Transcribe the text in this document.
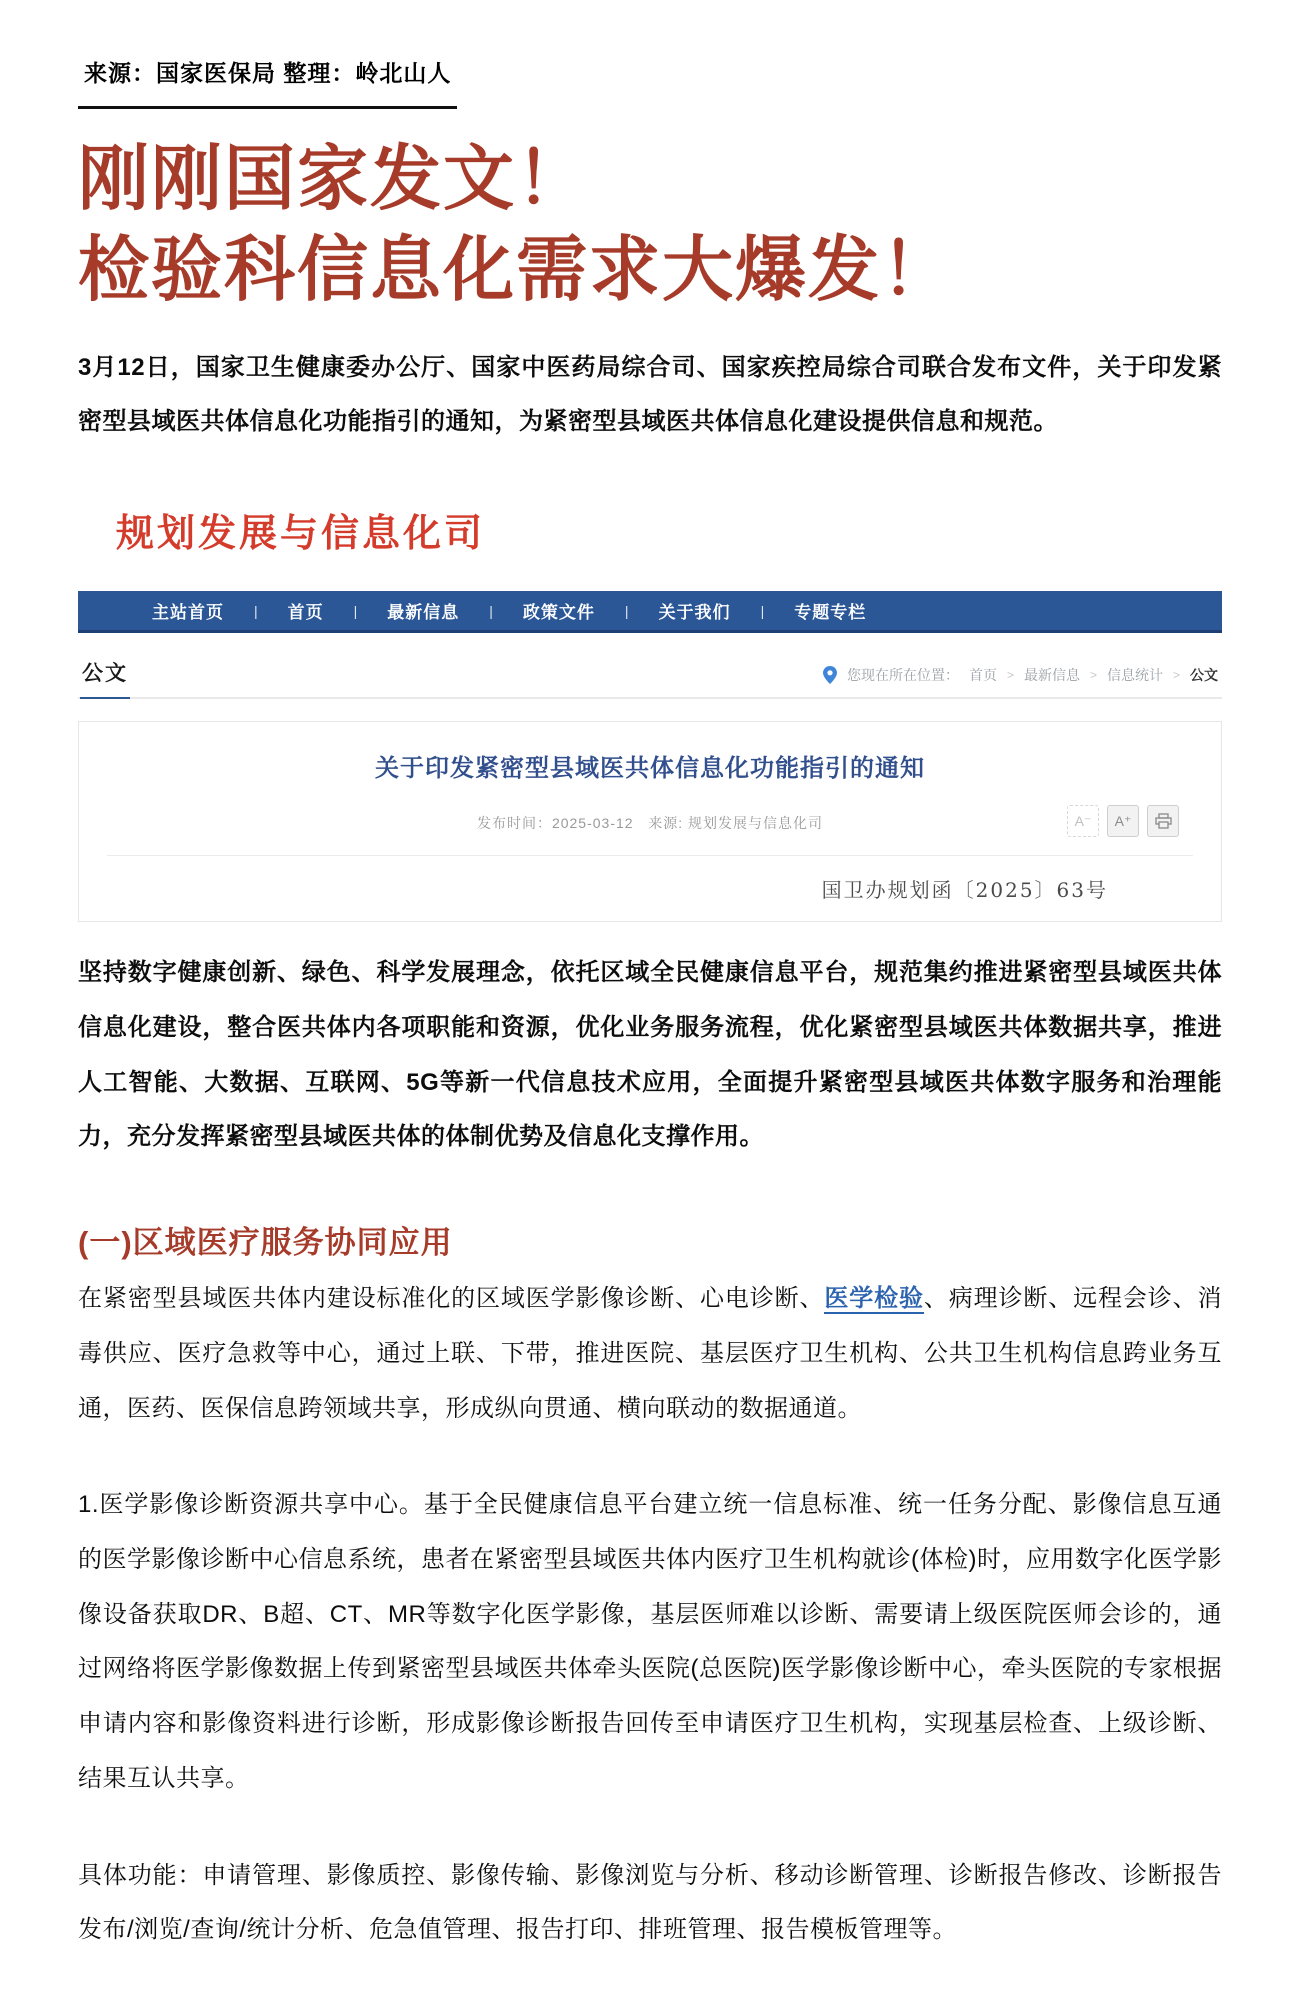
来源：国家医保局 整理：岭北山人
刚刚国家发文！
检验科信息化需求大爆发！

3月12日，国家卫生健康委办公厅、国家中医药局综合司、国家疾控局综合司联合发布文件，关于印发紧密型县域医共体信息化功能指引的通知，为紧密型县域医共体信息化建设提供信息和规范。

规划发展与信息化司
主站首页	|	首页	|	最新信息	|	政策文件	|	关于我们	|	专题专栏
公文	您现在所在位置： 首页 > 最新信息 > 信息统计 > 公文
关于印发紧密型县域医共体信息化功能指引的通知
发布时间：2025-03-12 来源: 规划发展与信息化司	A⁻	A⁺
国卫办规划函〔2025〕63号

坚持数字健康创新、绿色、科学发展理念，依托区域全民健康信息平台，规范集约推进紧密型县域医共体信息化建设，整合医共体内各项职能和资源，优化业务服务流程，优化紧密型县域医共体数据共享，推进人工智能、大数据、互联网、5G等新一代信息技术应用，全面提升紧密型县域医共体数字服务和治理能力，充分发挥紧密型县域医共体的体制优势及信息化支撑作用。

(一)区域医疗服务协同应用

在紧密型县域医共体内建设标准化的区域医学影像诊断、心电诊断、医学检验、病理诊断、远程会诊、消毒供应、医疗急救等中心，通过上联、下带，推进医院、基层医疗卫生机构、公共卫生机构信息跨业务互通，医药、医保信息跨领域共享，形成纵向贯通、横向联动的数据通道。

1.医学影像诊断资源共享中心。基于全民健康信息平台建立统一信息标准、统一任务分配、影像信息互通的医学影像诊断中心信息系统，患者在紧密型县域医共体内医疗卫生机构就诊(体检)时，应用数字化医学影像设备获取DR、B超、CT、MR等数字化医学影像，基层医师难以诊断、需要请上级医院医师会诊的，通过网络将医学影像数据上传到紧密型县域医共体牵头医院(总医院)医学影像诊断中心，牵头医院的专家根据申请内容和影像资料进行诊断，形成影像诊断报告回传至申请医疗卫生机构，实现基层检查、上级诊断、结果互认共享。

具体功能：申请管理、影像质控、影像传输、影像浏览与分析、移动诊断管理、诊断报告修改、诊断报告发布/浏览/查询/统计分析、危急值管理、报告打印、排班管理、报告模板管理等。
